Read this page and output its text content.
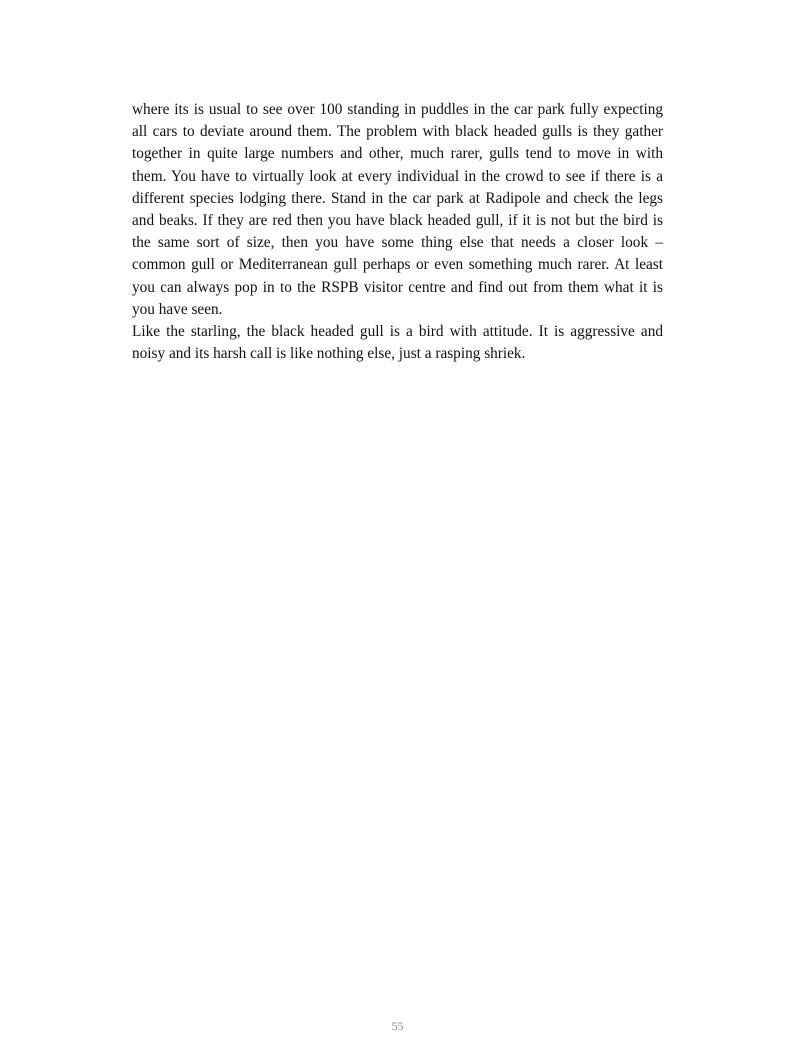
where its is usual to see over 100 standing in puddles in the car park fully expecting all cars to deviate around them. The problem with black headed gulls is they gather together in quite large numbers and other, much rarer, gulls tend to move in with them. You have to virtually look at every individual in the crowd to see if there is a different species lodging there. Stand in the car park at Radipole and check the legs and beaks. If they are red then you have black headed gull, if it is not but the bird is the same sort of size, then you have some thing else that needs a closer look – common gull or Mediterranean gull perhaps or even something much rarer. At least you can always pop in to the RSPB visitor centre and find out from them what it is you have seen.

Like the starling, the black headed gull is a bird with attitude. It is aggressive and noisy and its harsh call is like nothing else, just a rasping shriek.

55
